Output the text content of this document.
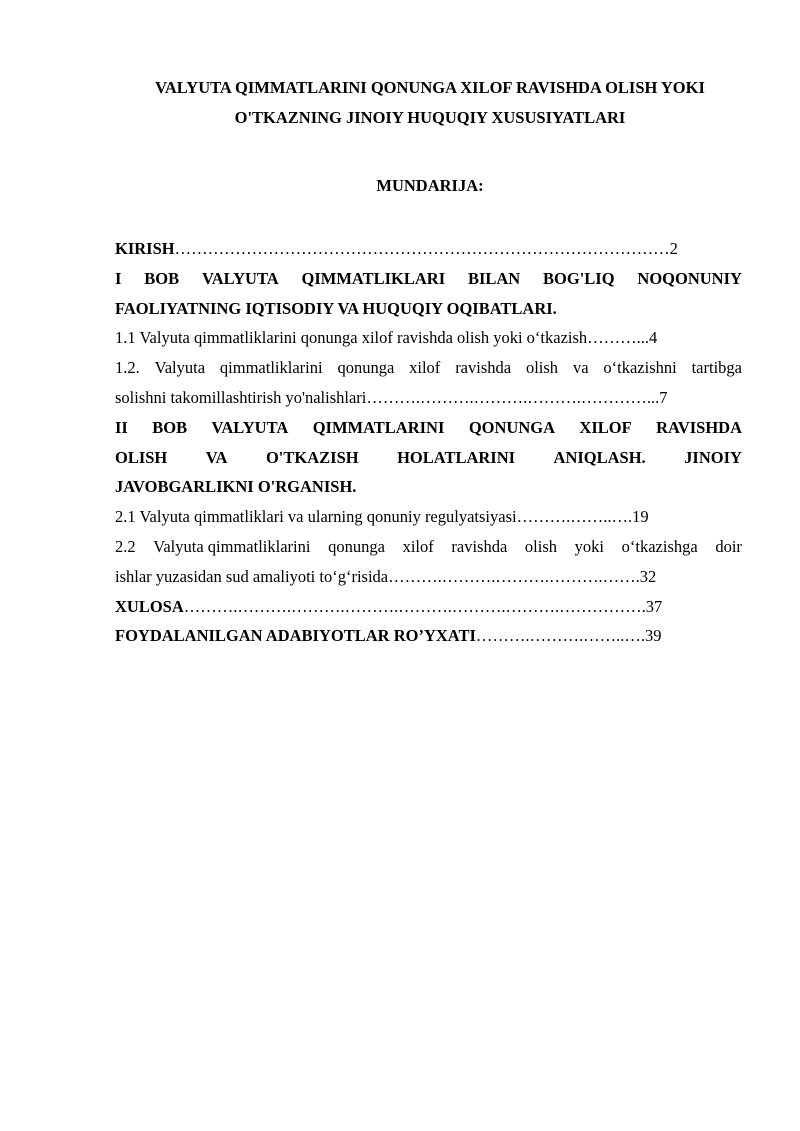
VALYUTA QIMMATLARINI QONUNGA XILOF RAVISHDA OLISH YOKI
O'TKAZNING JINOIY HUQUQIY XUSUSIYATLARI
MUNDARIJA:
KIRISH………………………………………………………………………………2
I BOB VALYUTA QIMMATLIKLARI BILAN BOG'LIQ NOQONUNIY
FAOLIYATNING IQTISODIY VA HUQUQIY OQIBATLARI.
1.1 Valyuta qimmatliklarini qonunga xilof ravishda olish yoki o‘tkazish………...4
1.2. Valyuta qimmatliklarini qonunga xilof ravishda olish va o‘tkazishni tartibga
solishni takomillashtirish yo'nalishlari……….……….……….……….…………...7
II BOB VALYUTA QIMMATLARINI QONUNGA XILOF RAVISHDA
OLISH VA O'TKAZISH HOLATLARINI ANIQLASH. JINOIY
JAVOBGARLIKNI O'RGANISH.
2.1 Valyuta qimmatliklari va ularning qonuniy regulyatsiyasi……….……..….19
2.2 Valyuta qimmatliklarini qonunga xilof ravishda olish yoki o‘tkazishga doir
ishlar yuzasidan sud amaliyoti to‘g‘risida……….……….……….……….…….32
XULOSA……….……….……….……….……….……….……….…………….37
FOYDALANILGAN ADABIYOTLAR RO’YXATI……….……….……..….39
